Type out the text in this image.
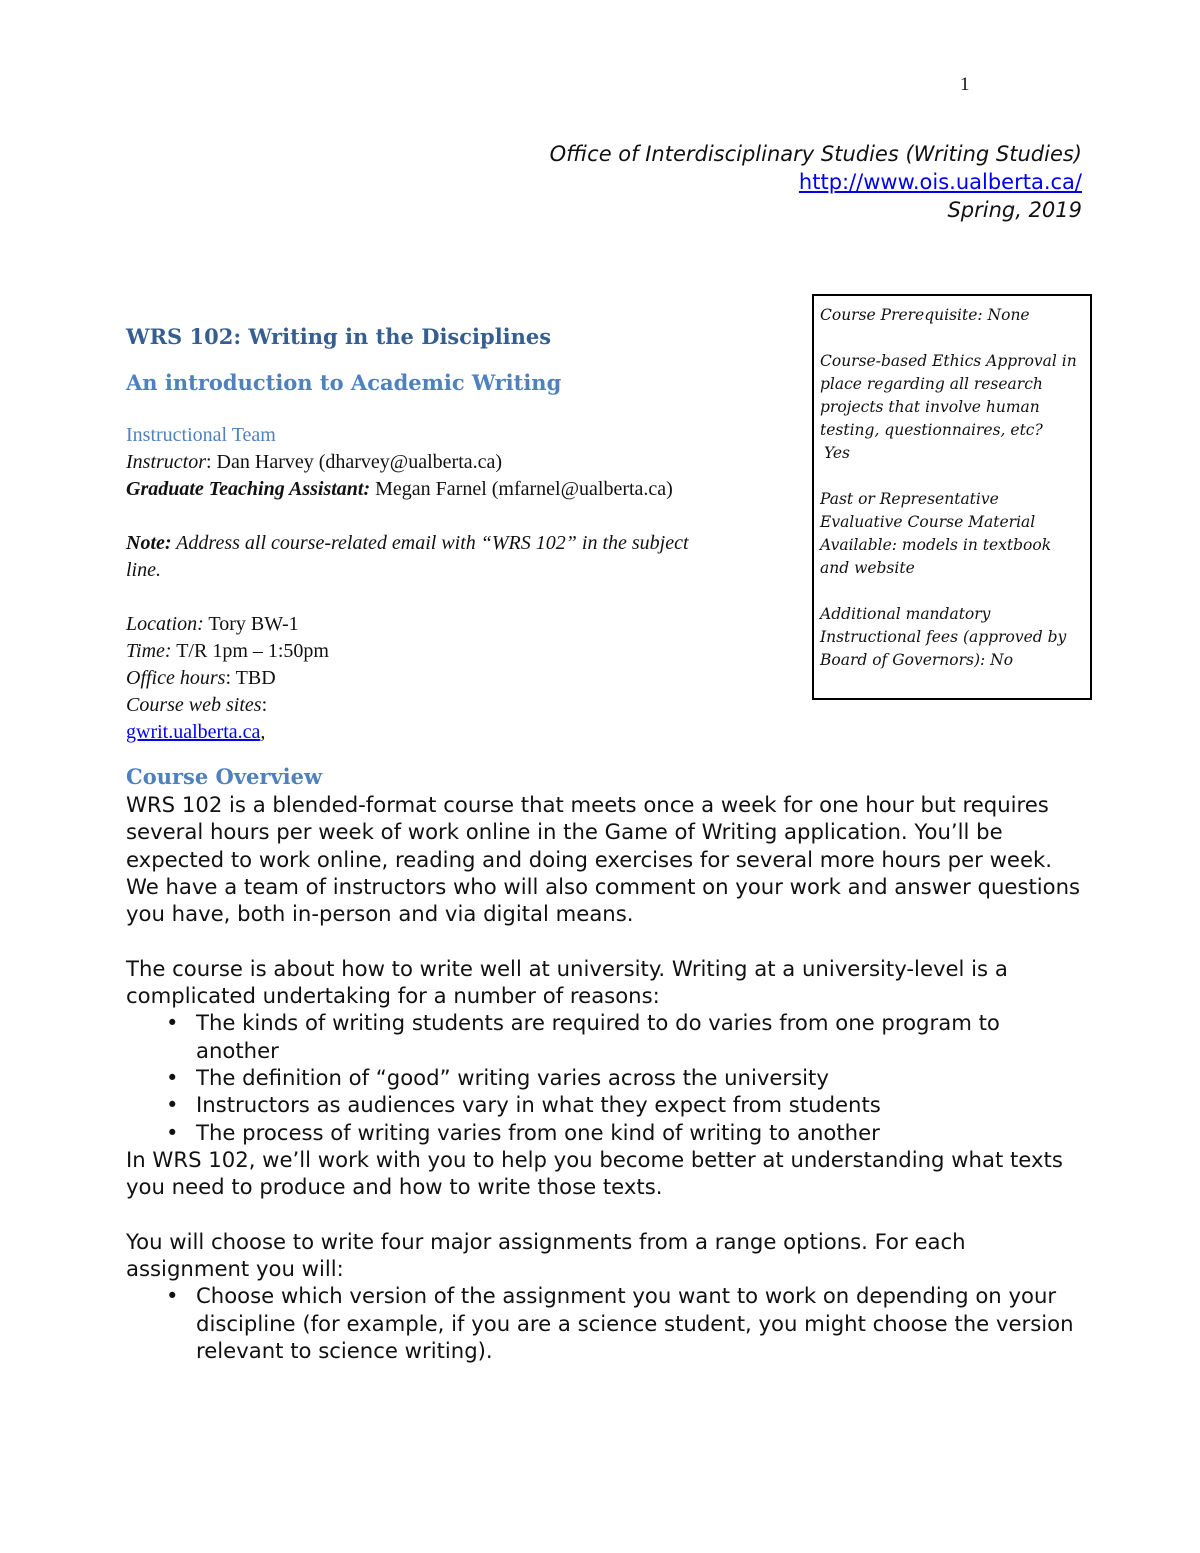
1
Office of Interdisciplinary Studies (Writing Studies)
http://www.ois.ualberta.ca/
Spring, 2019

Course Prerequisite: None

Course-based Ethics Approval in place regarding all research projects that involve human testing, questionnaires, etc?
Yes

Past or Representative Evaluative Course Material Available: models in textbook and website

Additional mandatory Instructional fees (approved by Board of Governors): No

WRS 102: Writing in the Disciplines
An introduction to Academic Writing
Instructional Team
Instructor: Dan Harvey (dharvey@ualberta.ca)
Graduate Teaching Assistant: Megan Farnel (mfarnel@ualberta.ca)
Note: Address all course-related email with “WRS 102” in the subject line.
Location: Tory BW-1
Time: T/R 1pm – 1:50pm
Office hours: TBD
Course web sites:
gwrit.ualberta.ca,
Course Overview

WRS 102 is a blended-format course that meets once a week for one hour but requires several hours per week of work online in the Game of Writing application. You’ll be expected to work online, reading and doing exercises for several more hours per week. We have a team of instructors who will also comment on your work and answer questions you have, both in-person and via digital means.

The course is about how to write well at university. Writing at a university-level is a complicated undertaking for a number of reasons:

• The kinds of writing students are required to do varies from one program to another
• The definition of “good” writing varies across the university
• Instructors as audiences vary in what they expect from students
• The process of writing varies from one kind of writing to another

In WRS 102, we’ll work with you to help you become better at understanding what texts you need to produce and how to write those texts.

You will choose to write four major assignments from a range options. For each assignment you will:

• Choose which version of the assignment you want to work on depending on your discipline (for example, if you are a science student, you might choose the version relevant to science writing).
